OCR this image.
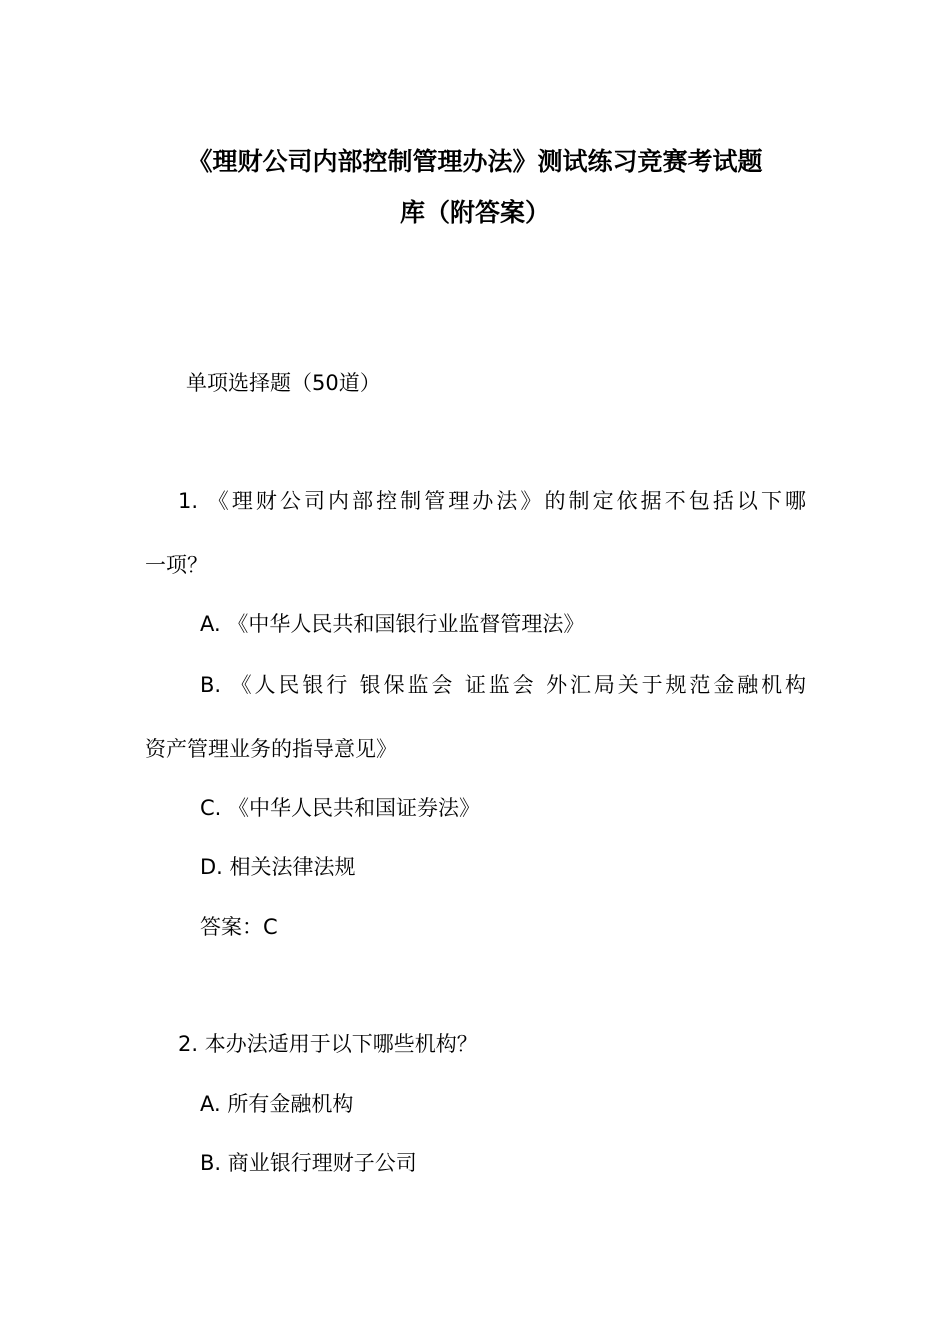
《理财公司内部控制管理办法》测试练习竞赛考试题
库（附答案）
单项选择题（50道）
1. 《理财公司内部控制管理办法》的制定依据不包括以下哪
一项？
A. 《中华人民共和国银行业监督管理法》
B. 《人民银行 银保监会 证监会 外汇局关于规范金融机构
资产管理业务的指导意见》
C. 《中华人民共和国证券法》
D. 相关法律法规
答案：C
2. 本办法适用于以下哪些机构？
A. 所有金融机构
B. 商业银行理财子公司
